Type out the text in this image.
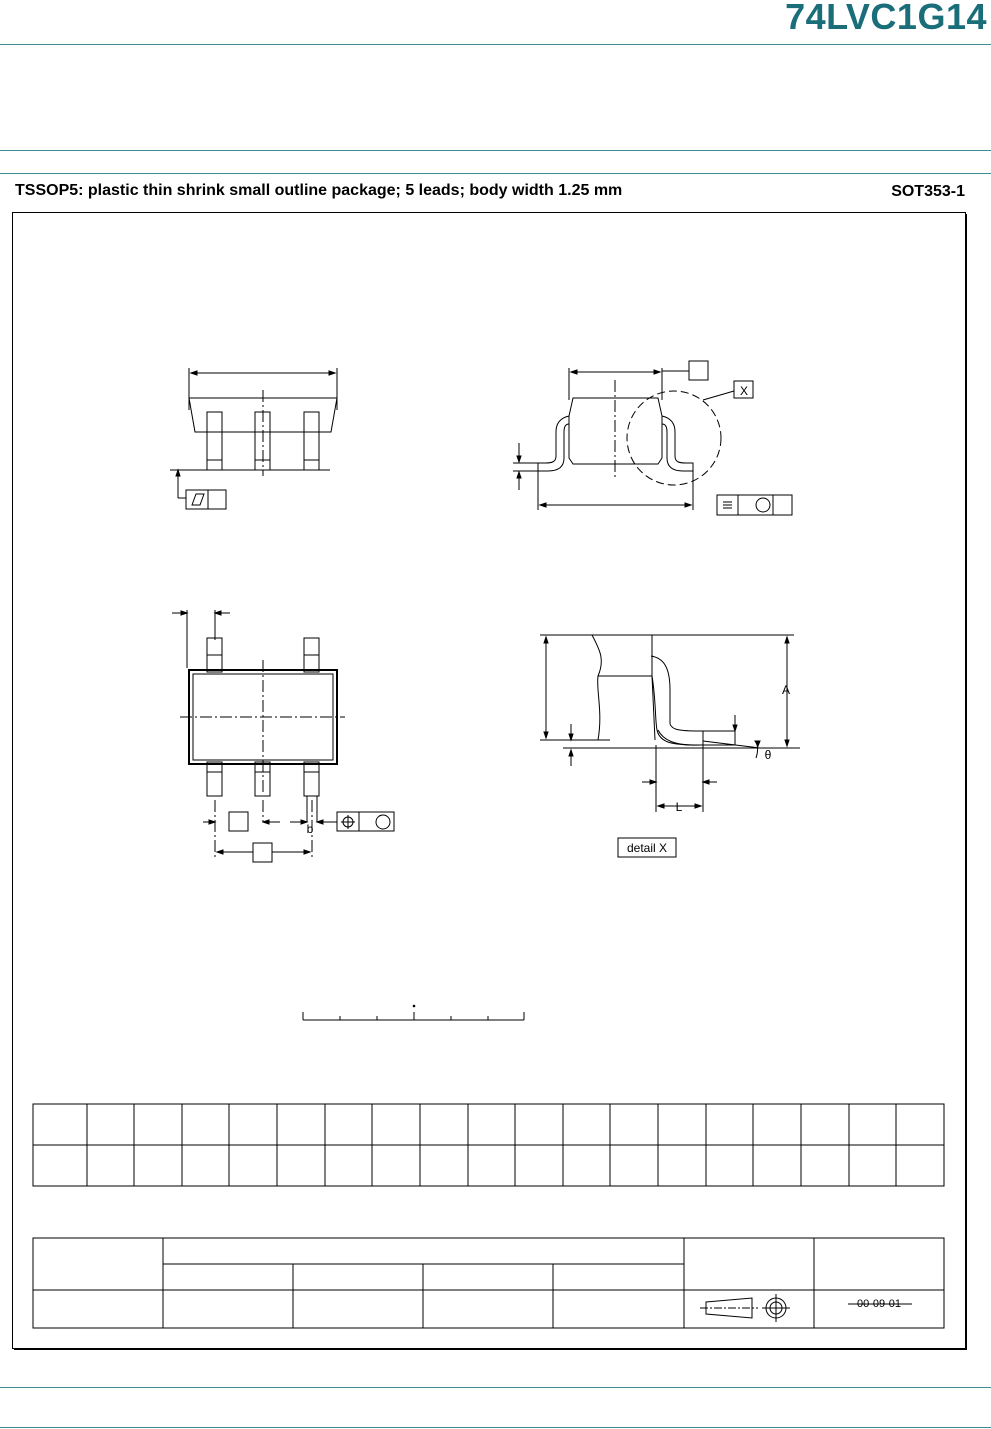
74LVC1G14
TSSOP5: plastic thin shrink small outline package; 5 leads; body width 1.25 mm	SOT353-1
X
A
θ
L
b
detail X
00-09-01
